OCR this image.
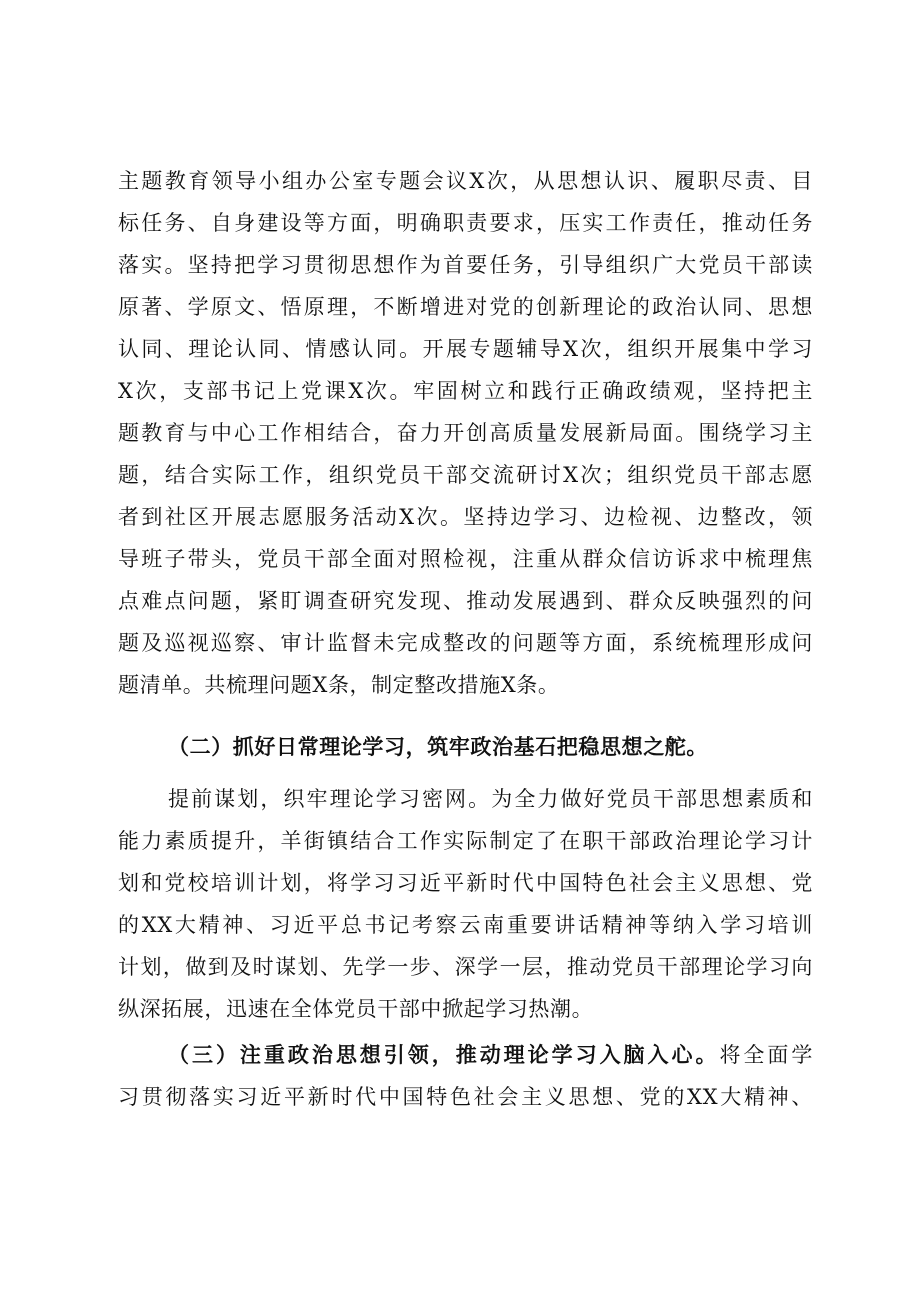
主题教育领导小组办公室专题会议X次，从思想认识、履职尽责、目
标任务、自身建设等方面，明确职责要求，压实工作责任，推动任务
落实。坚持把学习贯彻思想作为首要任务，引导组织广大党员干部读
原著、学原文、悟原理，不断增进对党的创新理论的政治认同、思想
认同、理论认同、情感认同。开展专题辅导X次，组织开展集中学习
X次，支部书记上党课X次。牢固树立和践行正确政绩观，坚持把主
题教育与中心工作相结合，奋力开创高质量发展新局面。围绕学习主
题，结合实际工作，组织党员干部交流研讨X次；组织党员干部志愿
者到社区开展志愿服务活动X次。坚持边学习、边检视、边整改，领
导班子带头，党员干部全面对照检视，注重从群众信访诉求中梳理焦
点难点问题，紧盯调查研究发现、推动发展遇到、群众反映强烈的问
题及巡视巡察、审计监督未完成整改的问题等方面，系统梳理形成问
题清单。共梳理问题X条，制定整改措施X条。
（二）抓好日常理论学习，筑牢政治基石把稳思想之舵。
提前谋划，织牢理论学习密网。为全力做好党员干部思想素质和
能力素质提升，羊街镇结合工作实际制定了在职干部政治理论学习计
划和党校培训计划，将学习习近平新时代中国特色社会主义思想、党
的XX大精神、习近平总书记考察云南重要讲话精神等纳入学习培训
计划，做到及时谋划、先学一步、深学一层，推动党员干部理论学习向
纵深拓展，迅速在全体党员干部中掀起学习热潮。
（三）注重政治思想引领，推动理论学习入脑入心。将全面学
习贯彻落实习近平新时代中国特色社会主义思想、党的XX大精神、
